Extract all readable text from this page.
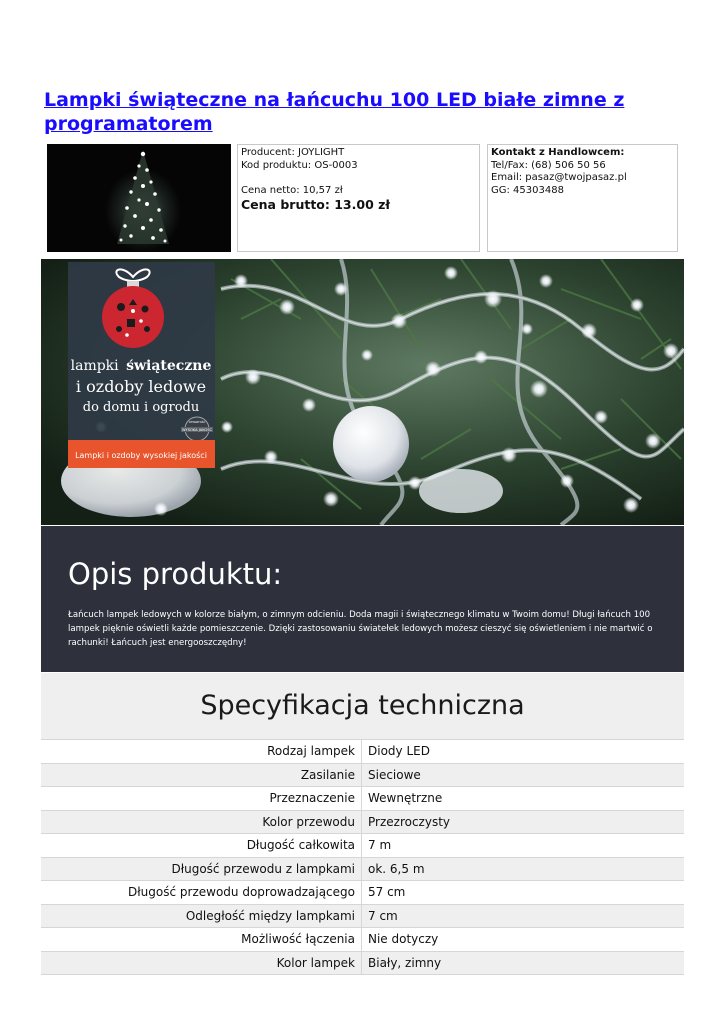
Lampki świąteczne na łańcuchu 100 LED białe zimne z programatorem
Producent: JOYLIGHT
Kod produktu: OS-0003
Cena netto: 10,57 zł
Cena brutto: 13.00 zł
Kontakt z Handlowcem:
Tel/Fax: (68) 506 50 56
Email: pasaz@twojpasaz.pl
GG: 45303488
lampki świąteczne
i ozdoby ledowe
do domu i ogrodu
OTWARTOŚĆ
WYSOKA JAKOŚĆ
Lampki i ozdoby wysokiej jakości
Opis produktu:
Łańcuch lampek ledowych w kolorze białym, o zimnym odcieniu. Doda magii i świątecznego klimatu w Twoim domu! Długi łańcuch 100 lampek pięknie oświetli każde pomieszczenie. Dzięki zastosowaniu światełek ledowych możesz cieszyć się oświetleniem i nie martwić o rachunki! Łańcuch jest energooszczędny!
Specyfikacja techniczna
Rodzaj lampek	Diody LED
Zasilanie	Sieciowe
Przeznaczenie	Wewnętrzne
Kolor przewodu	Przezroczysty
Długość całkowita	7 m
Długość przewodu z lampkami	ok. 6,5 m
Długość przewodu doprowadzającego	57 cm
Odległość między lampkami	7 cm
Możliwość łączenia	Nie dotyczy
Kolor lampek	Biały, zimny
